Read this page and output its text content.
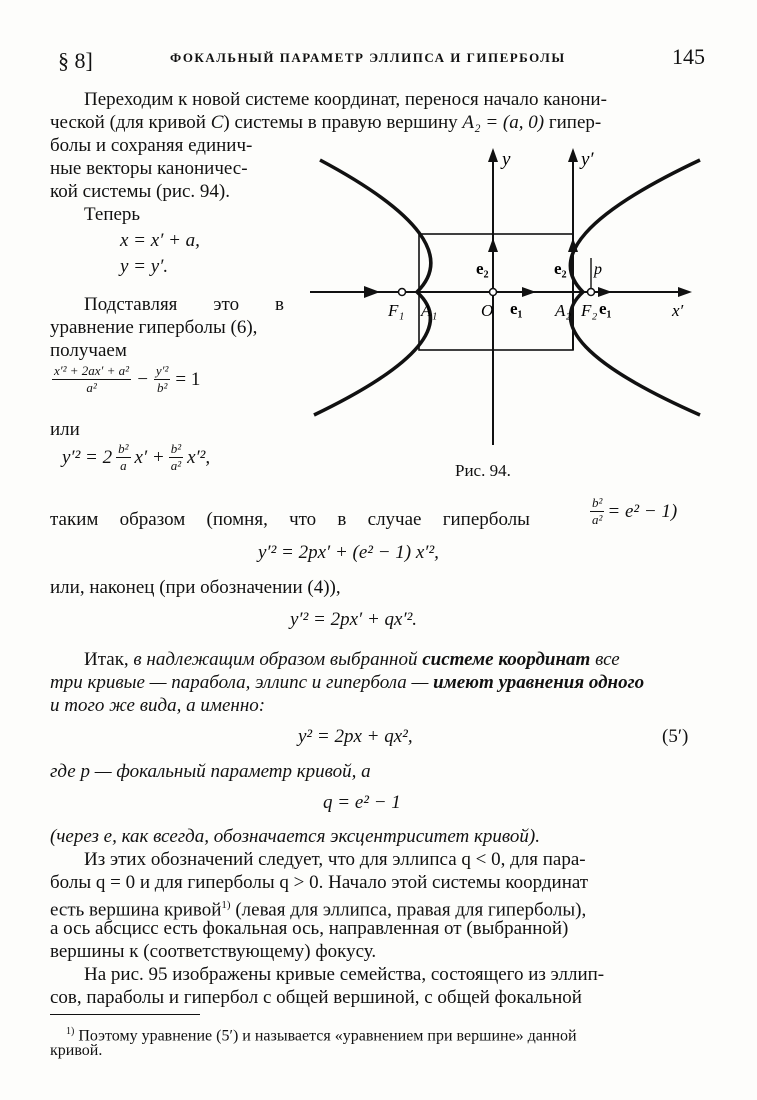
§ 8]	ФОКАЛЬНЫЙ ПАРАМЕТР ЭЛЛИПСА И ГИПЕРБОЛЫ	145
Переходим к новой системе координат, перенося начало канони-
ческой (для кривой C) системы в правую вершину A₂ = (a, 0) гипер-
болы и сохраняя единич-
ные векторы каноничес-
кой системы (рис. 94).
Теперь
x = x′ + a,
y = y′.
Подставляя это в
уравнение гиперболы (6),
получаем
$\frac{\text{x′² + 2ax′ + a²}}{\text{a²}} - \frac{\text{y′²}}{\text{b²}} = 1$
или
$y'^2 = 2 \frac{\text{b²}}{a} x' + \frac{\text{b²}}{\text{a²}} x'^2$,
y	y′
x′
F₁ A₁	O e₁ A₂ F₂ e₁
e₂	e₂ p
Рис. 94.
таким образом (помня, что в случае гиперболы	$\frac{\text{b²}}{\text{a²}} = e^2 - 1$)
y′² = 2px′ + (e² − 1) x′²,
или, наконец (при обозначении (4)),
y′² = 2px′ + qx′².
Итак, в надлежащим образом выбранной системе координат все
три кривые — парабола, эллипс и гипербола — имеют уравнения одного
и того же вида, а именно:
y² = 2px + qx²,	(5′)
где p — фокальный параметр кривой, а
q = e² − 1
(через e, как всегда, обозначается эксцентриситет кривой).
Из этих обозначений следует, что для эллипса q < 0, для пара-
болы q = 0 и для гиперболы q > 0. Начало этой системы координат
есть вершина кривой$^{1)}$ (левая для эллипса, правая для гиперболы),
а ось абсцисс есть фокальная ось, направленная от (выбранной)
вершины к (соответствующему) фокусу.
На рис. 95 изображены кривые семейства, состоящего из эллип-
сов, параболы и гипербол с общей вершиной, с общей фокальной
$^{1)}$ Поэтому уравнение (5′) и называется «уравнением при вершине» данной
кривой.
